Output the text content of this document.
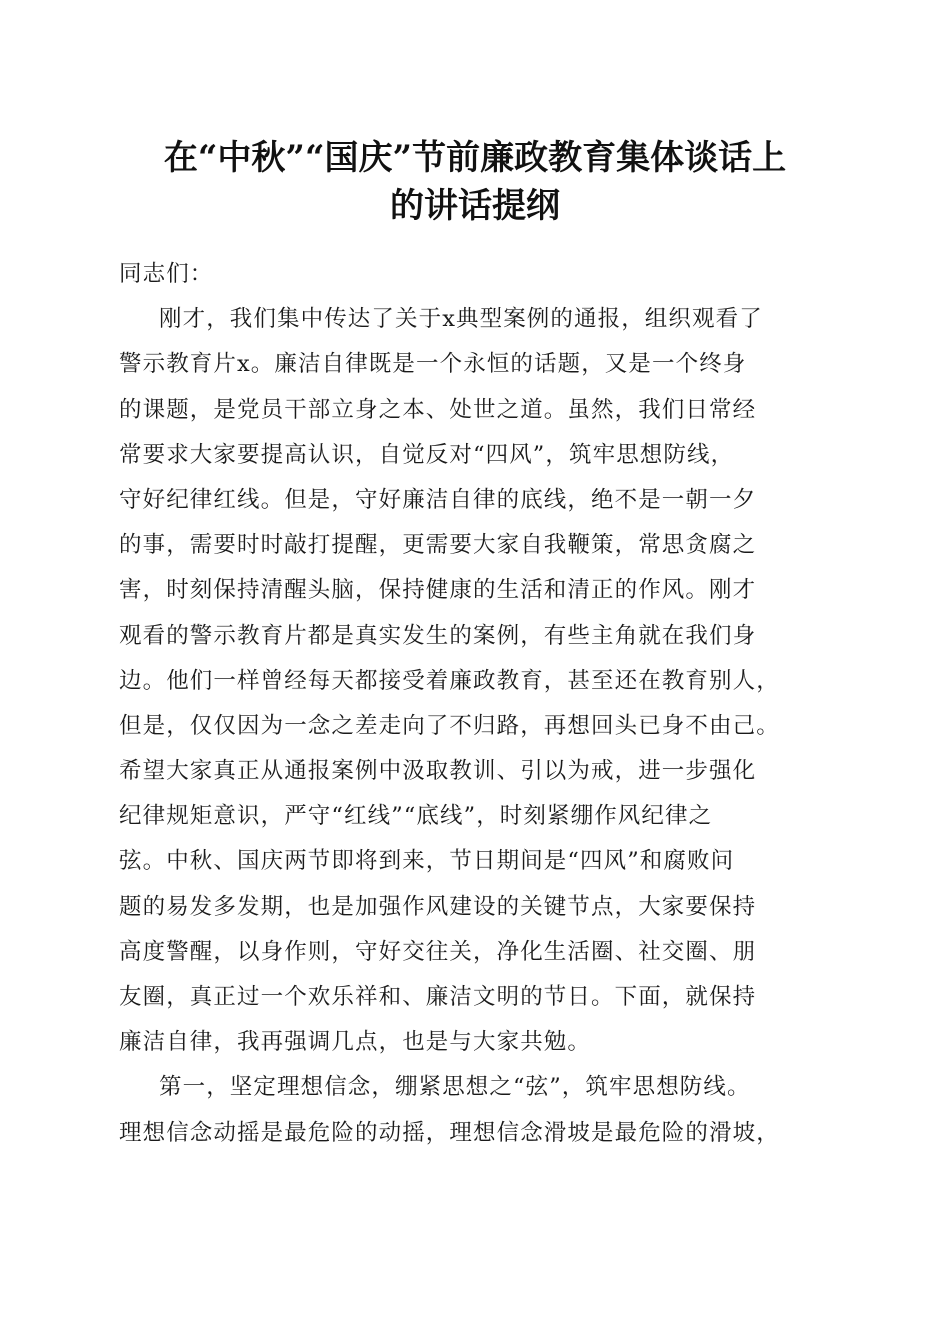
在“中秋”“国庆”节前廉政教育集体谈话上
的讲话提纲
同志们：
刚才，我们集中传达了关于x典型案例的通报，组织观看了
警示教育片x。廉洁自律既是一个永恒的话题，又是一个终身
的课题，是党员干部立身之本、处世之道。虽然，我们日常经
常要求大家要提高认识，自觉反对“四风”，筑牢思想防线，
守好纪律红线。但是，守好廉洁自律的底线，绝不是一朝一夕
的事，需要时时敲打提醒，更需要大家自我鞭策，常思贪腐之
害，时刻保持清醒头脑，保持健康的生活和清正的作风。刚才
观看的警示教育片都是真实发生的案例，有些主角就在我们身
边。他们一样曾经每天都接受着廉政教育，甚至还在教育别人，
但是，仅仅因为一念之差走向了不归路，再想回头已身不由己。
希望大家真正从通报案例中汲取教训、引以为戒，进一步强化
纪律规矩意识，严守“红线”“底线”，时刻紧绷作风纪律之
弦。中秋、国庆两节即将到来，节日期间是“四风”和腐败问
题的易发多发期，也是加强作风建设的关键节点，大家要保持
高度警醒，以身作则，守好交往关，净化生活圈、社交圈、朋
友圈，真正过一个欢乐祥和、廉洁文明的节日。下面，就保持
廉洁自律，我再强调几点，也是与大家共勉。
第一，坚定理想信念，绷紧思想之“弦”，筑牢思想防线。
理想信念动摇是最危险的动摇，理想信念滑坡是最危险的滑坡，
